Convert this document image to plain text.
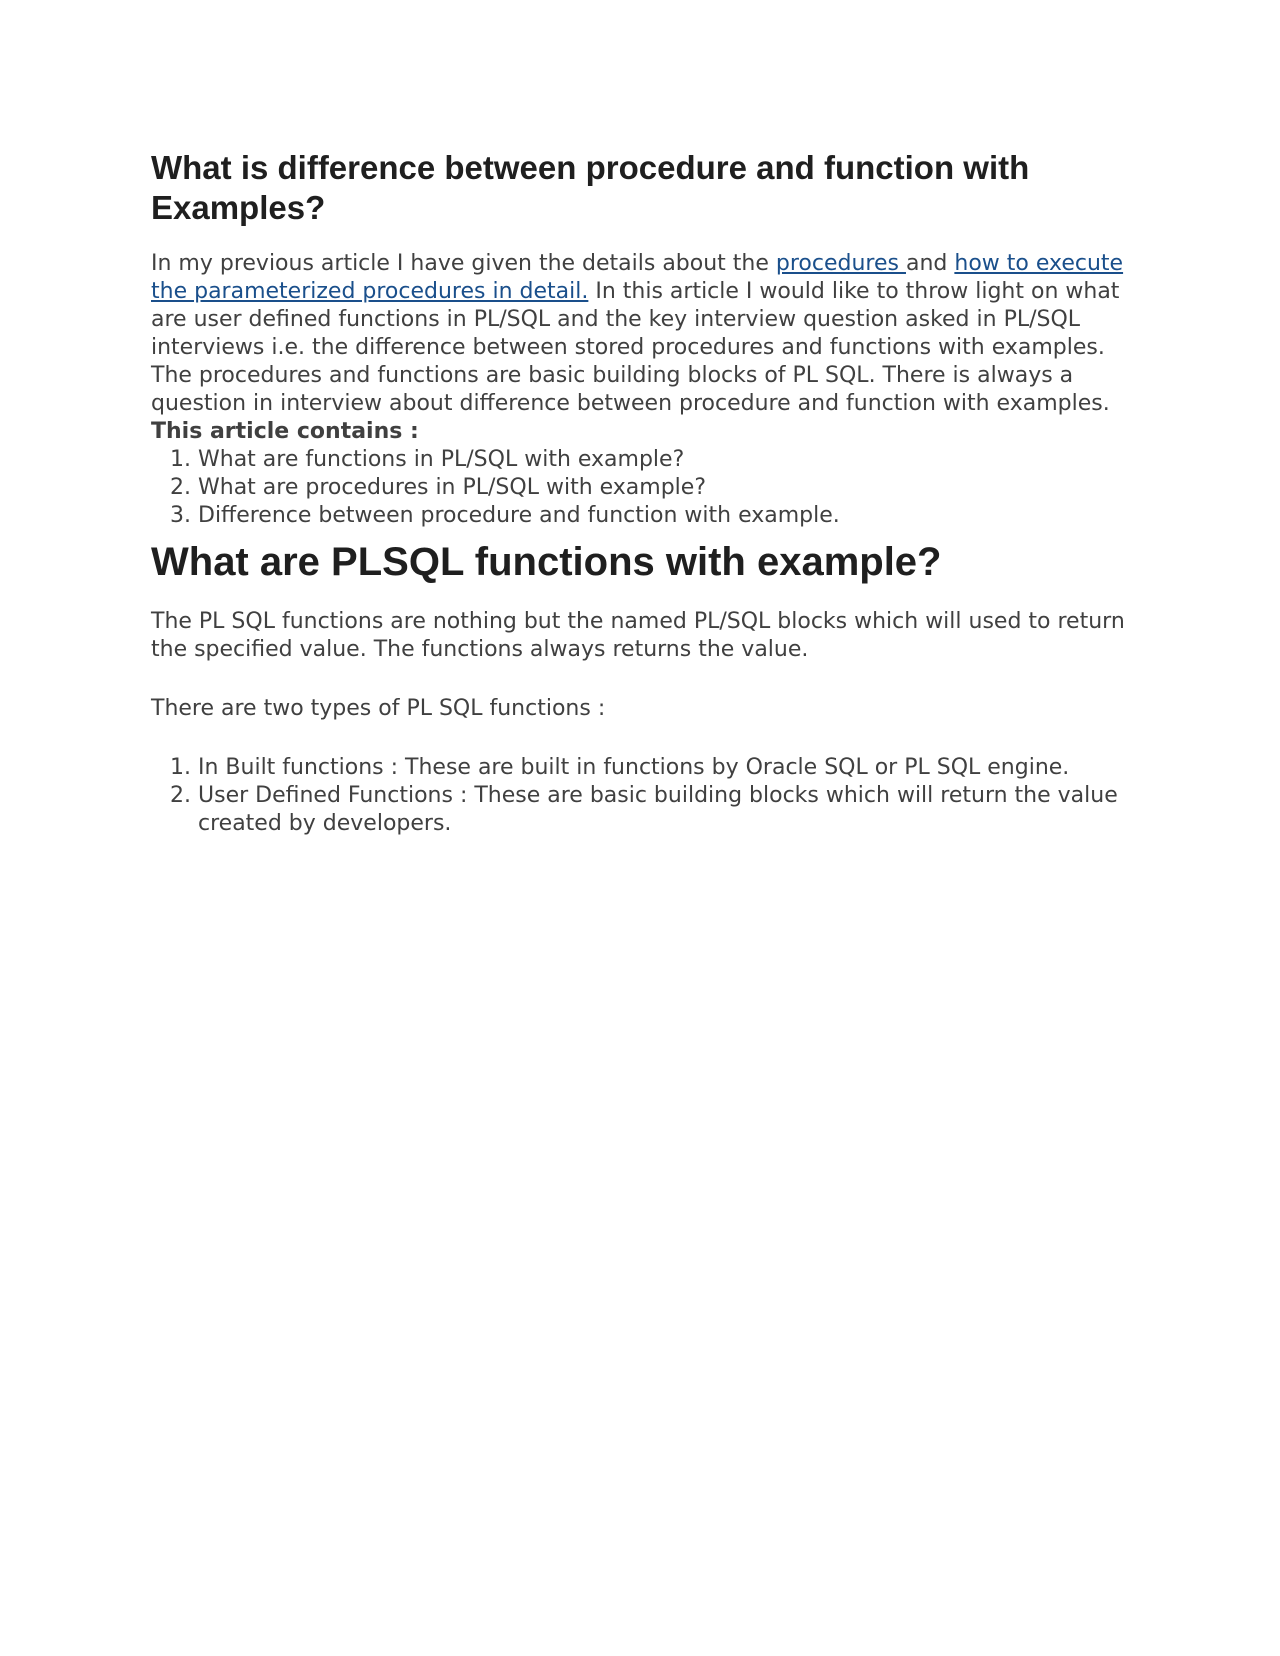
What is difference between procedure and function with Examples?

In my previous article I have given the details about the procedures and how to execute the parameterized procedures in detail. In this article I would like to throw light on what are user defined functions in PL/SQL and the key interview question asked in PL/SQL interviews i.e. the difference between stored procedures and functions with examples. The procedures and functions are basic building blocks of PL SQL. There is always a question in interview about difference between procedure and function with examples.

This article contains :
1. What are functions in PL/SQL with example?
2. What are procedures in PL/SQL with example?
3. Difference between procedure and function with example.
What are PLSQL functions with example?

The PL SQL functions are nothing but the named PL/SQL blocks which will used to return the specified value. The functions always returns the value.

There are two types of PL SQL functions :

1. In Built functions : These are built in functions by Oracle SQL or PL SQL engine.
2. User Defined Functions : These are basic building blocks which will return the value created by developers.
